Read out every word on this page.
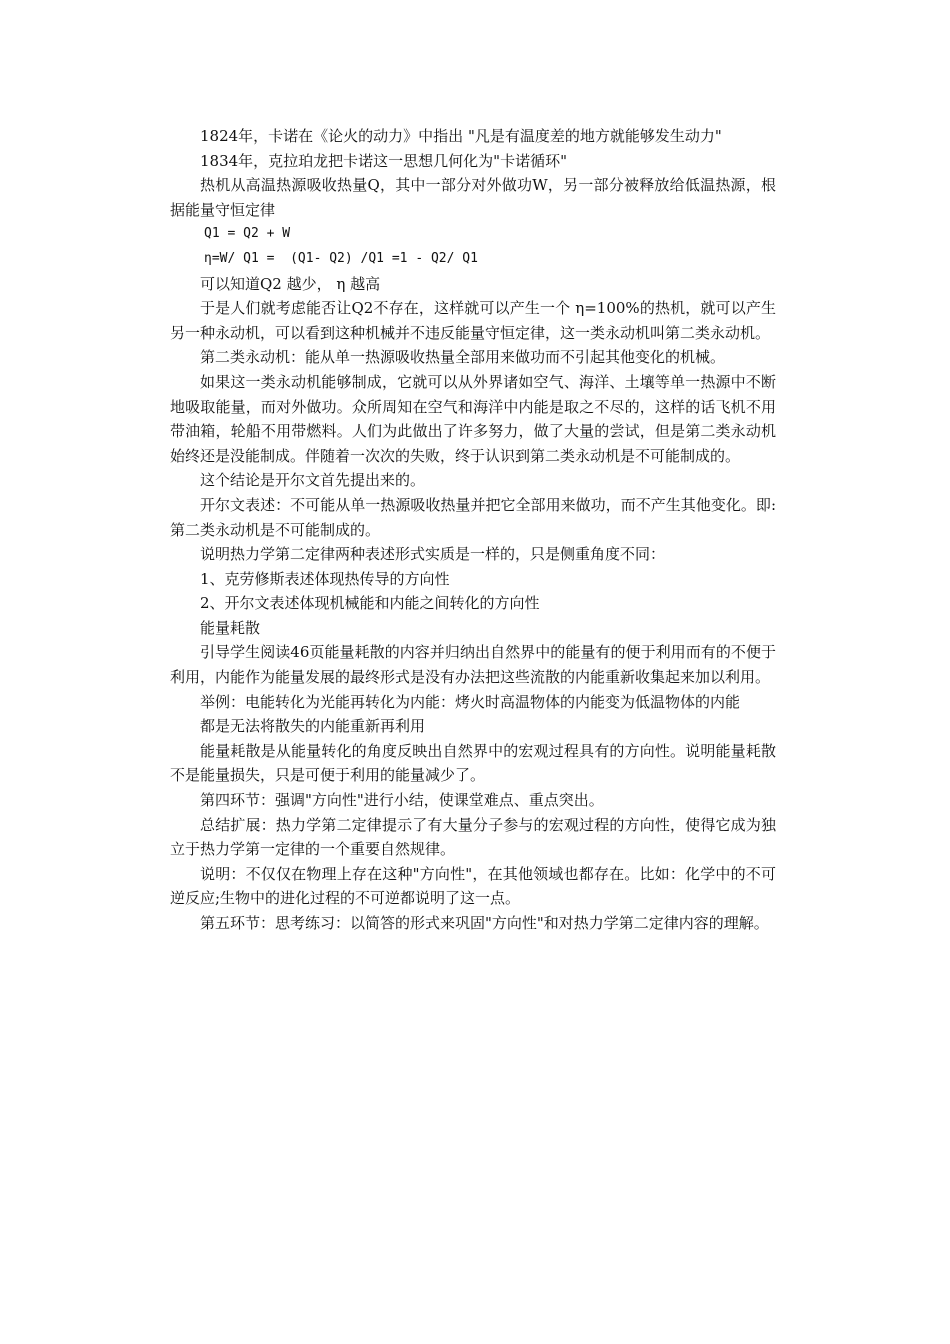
1824年，卡诺在《论火的动力》中指出 "凡是有温度差的地方就能够发生动力"

1834年，克拉珀龙把卡诺这一思想几何化为"卡诺循环"

热机从高温热源吸收热量Q，其中一部分对外做功W，另一部分被释放给低温热源，根据能量守恒定律

Q1 = Q2 + W

η=W/ Q1 =  (Q1- Q2) /Q1 =1 - Q2/ Q1

可以知道Q2 越少， η 越高

于是人们就考虑能否让Q2不存在，这样就可以产生一个 η=100%的热机，就可以产生另一种永动机，可以看到这种机械并不违反能量守恒定律，这一类永动机叫第二类永动机。

第二类永动机：能从单一热源吸收热量全部用来做功而不引起其他变化的机械。

如果这一类永动机能够制成，它就可以从外界诸如空气、海洋、土壤等单一热源中不断地吸取能量，而对外做功。众所周知在空气和海洋中内能是取之不尽的，这样的话飞机不用带油箱，轮船不用带燃料。人们为此做出了许多努力，做了大量的尝试，但是第二类永动机始终还是没能制成。伴随着一次次的失败，终于认识到第二类永动机是不可能制成的。

这个结论是开尔文首先提出来的。

开尔文表述：不可能从单一热源吸收热量并把它全部用来做功，而不产生其他变化。即:第二类永动机是不可能制成的。

说明热力学第二定律两种表述形式实质是一样的，只是侧重角度不同：

1、克劳修斯表述体现热传导的方向性

2、开尔文表述体现机械能和内能之间转化的方向性

能量耗散

引导学生阅读46页能量耗散的内容并归纳出自然界中的能量有的便于利用而有的不便于利用，内能作为能量发展的最终形式是没有办法把这些流散的内能重新收集起来加以利用。

举例：电能转化为光能再转化为内能：烤火时高温物体的内能变为低温物体的内能

都是无法将散失的内能重新再利用

能量耗散是从能量转化的角度反映出自然界中的宏观过程具有的方向性。说明能量耗散不是能量损失，只是可便于利用的能量减少了。

第四环节：强调"方向性"进行小结，使课堂难点、重点突出。

总结扩展：热力学第二定律提示了有大量分子参与的宏观过程的方向性，使得它成为独立于热力学第一定律的一个重要自然规律。

说明：不仅仅在物理上存在这种"方向性"，在其他领域也都存在。比如：化学中的不可逆反应;生物中的进化过程的不可逆都说明了这一点。

第五环节：思考练习：以简答的形式来巩固"方向性"和对热力学第二定律内容的理解。
